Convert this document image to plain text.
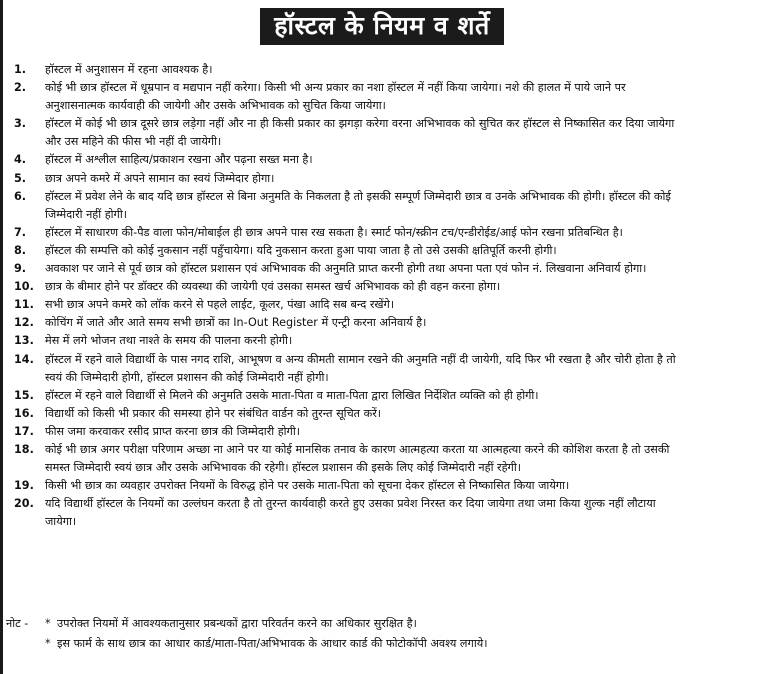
हॉस्टल के नियम व शर्ते
1.	हॉस्टल में अनुशासन में रहना आवश्यक है।
2.	कोई भी छात्र हॉस्टल में धूम्रपान व मद्यपान नहीं करेगा। किसी भी अन्य प्रकार का नशा हॉस्टल में नहीं किया जायेगा। नशे की हालत में पाये जाने पर
अनुशासनात्मक कार्यवाही की जायेगी और उसके अभिभावक को सुचित किया जायेगा।
3.	हॉस्टल में कोई भी छात्र दूसरे छात्र लड़ेगा नहीं और ना ही किसी प्रकार का झगड़ा करेगा वरना अभिभावक को सुचित कर हॉस्टल से निष्कासित कर दिया जायेगा
और उस महिने की फीस भी नहीं दी जायेगी।
4.	हॉस्टल में अश्लील साहित्य/प्रकाशन रखना और पढ़ना सख्त मना है।
5.	छात्र अपने कमरे में अपने सामान का स्वयं जिम्मेदार होगा।
6.	हॉस्टल में प्रवेश लेने के बाद यदि छात्र हॉस्टल से बिना अनुमति के निकलता है तो इसकी सम्पूर्ण जिम्मेदारी छात्र व उनके अभिभावक की होगी। हॉस्टल की कोई
जिम्मेदारी नहीं होगी।
7.	हॉस्टल में साधारण की-पैड वाला फोन/मोबाईल ही छात्र अपने पास रख सकता है। स्मार्ट फोन/स्क्रीन टच/एन्डीरोईड/आई फोन रखना प्रतिबन्धित है।
8.	हॉस्टल की सम्पत्ति को कोई नुकसान नहीं पहुँचायेगा। यदि नुकसान करता हुआ पाया जाता है तो उसे उसकी क्षतिपूर्ति करनी होगी।
9.	अवकाश पर जाने से पूर्व छात्र को हॉस्टल प्रशासन एवं अभिभावक की अनुमति प्राप्त करनी होगी तथा अपना पता एवं फोन नं. लिखवाना अनिवार्य होगा।
10. छात्र के बीमार होने पर डॉक्टर की व्यवस्था की जायेगी एवं उसका समस्त खर्च अभिभावक को ही वहन करना होगा।
11. सभी छात्र अपने कमरे को लॉक करने से पहले लाईट, कूलर, पंखा आदि सब बन्द रखेंगे।
12. कोचिंग में जाते और आते समय सभी छात्रों का In-Out Register में एन्ट्री करना अनिवार्य है।
13. मेस में लगे भोजन तथा नाश्ते के समय की पालना करनी होगी।
14. हॉस्टल में रहने वाले विद्यार्थी के पास नगद राशि, आभूषण व अन्य कीमती सामान रखने की अनुमति नहीं दी जायेगी, यदि फिर भी रखता है और चोरी होता है तो
स्वयं की जिम्मेदारी होगी, हॉस्टल प्रशासन की कोई जिम्मेदारी नहीं होगी।
15. हॉस्टल में रहने वाले विद्यार्थी से मिलने की अनुमति उसके माता-पिता व माता-पिता द्वारा लिखित निर्देशित व्यक्ति को ही होगी।
16. विद्यार्थी को किसी भी प्रकार की समस्या होने पर संबंधित वार्डन को तुरन्त सूचित करें।
17. फीस जमा करवाकर रसीद प्राप्त करना छात्र की जिम्मेदारी होगी।
18. कोई भी छात्र अगर परीक्षा परिणाम अच्छा ना आने पर या कोई मानसिक तनाव के कारण आत्महत्या करता या आत्महत्या करने की कोशिश करता है तो उसकी
समस्त जिम्मेदारी स्वयं छात्र और उसके अभिभावक की रहेगी। हॉस्टल प्रशासन की इसके लिए कोई जिम्मेदारी नहीं रहेगी।
19. किसी भी छात्र का व्यवहार उपरोक्त नियमों के विरुद्ध होने पर उसके माता-पिता को सूचना देकर हॉस्टल से निष्कासित किया जायेगा।
20. यदि विद्यार्थी हॉस्टल के नियमों का उल्लंघन करता है तो तुरन्त कार्यवाही करते हुए उसका प्रवेश निरस्त कर दिया जायेगा तथा जमा किया शुल्क नहीं लौटाया
जायेगा।
नोट -	* उपरोक्त नियमों में आवश्यकतानुसार प्रबन्धकों द्वारा परिवर्तन करने का अधिकार सुरक्षित है।
* इस फार्म के साथ छात्र का आधार कार्ड/माता-पिता/अभिभावक के आधार कार्ड की फोटोकॉपी अवश्य लगाये।
